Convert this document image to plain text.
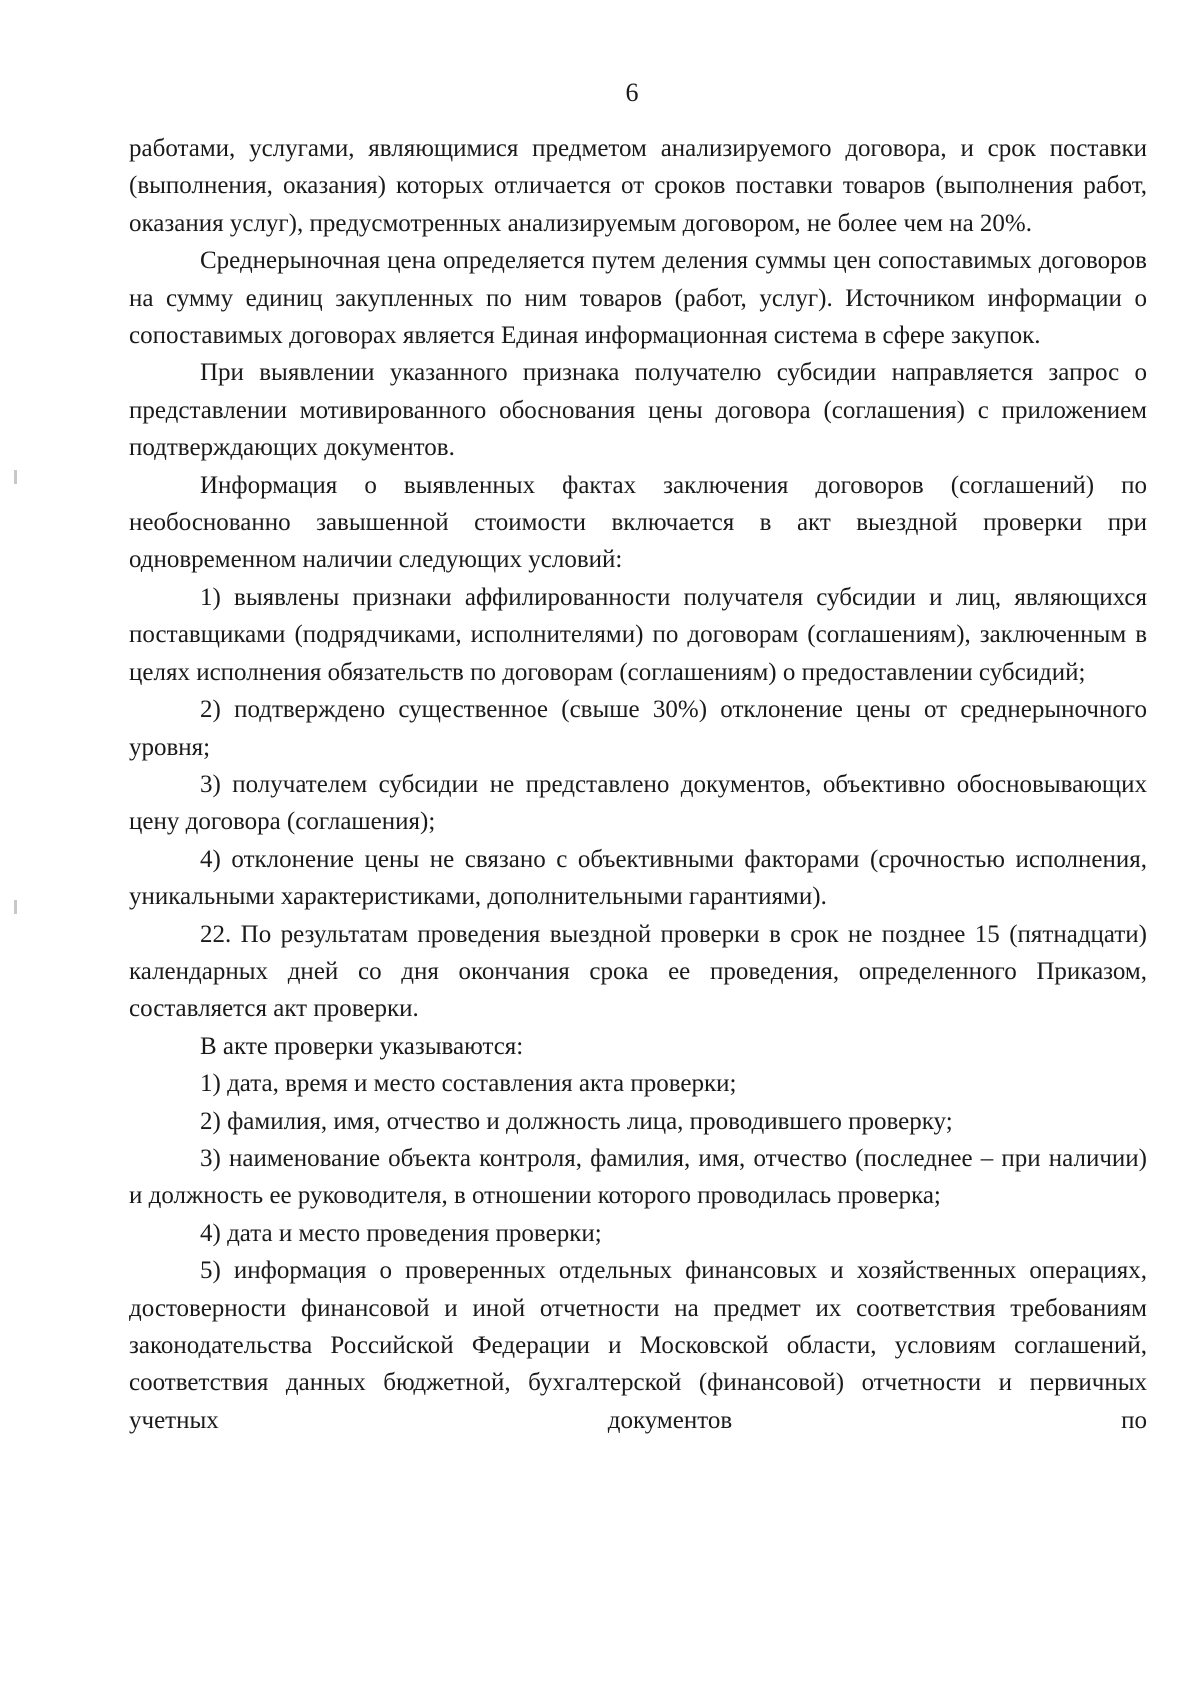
6

работами, услугами, являющимися предметом анализируемого договора, и срок поставки (выполнения, оказания) которых отличается от сроков поставки товаров (выполнения работ, оказания услуг), предусмотренных анализируемым договором, не более чем на 20%.

Среднерыночная цена определяется путем деления суммы цен сопоставимых договоров на сумму единиц закупленных по ним товаров (работ, услуг). Источником информации о сопоставимых договорах является Единая информационная система в сфере закупок.

При выявлении указанного признака получателю субсидии направляется запрос о представлении мотивированного обоснования цены договора (соглашения) с приложением подтверждающих документов.

Информация о выявленных фактах заключения договоров (соглашений) по необоснованно завышенной стоимости включается в акт выездной проверки при одновременном наличии следующих условий:

1) выявлены признаки аффилированности получателя субсидии и лиц, являющихся поставщиками (подрядчиками, исполнителями) по договорам (соглашениям), заключенным в целях исполнения обязательств по договорам (соглашениям) о предоставлении субсидий;

2) подтверждено существенное (свыше 30%) отклонение цены от среднерыночного уровня;

3) получателем субсидии не представлено документов, объективно обосновывающих цену договора (соглашения);

4) отклонение цены не связано с объективными факторами (срочностью исполнения, уникальными характеристиками, дополнительными гарантиями).

22. По результатам проведения выездной проверки в срок не позднее 15 (пятнадцати) календарных дней со дня окончания срока ее проведения, определенного Приказом, составляется акт проверки.

В акте проверки указываются:

1) дата, время и место составления акта проверки;

2) фамилия, имя, отчество и должность лица, проводившего проверку;

3) наименование объекта контроля, фамилия, имя, отчество (последнее – при наличии) и должность ее руководителя, в отношении которого проводилась проверка;

4) дата и место проведения проверки;

5) информация о проверенных отдельных финансовых и хозяйственных операциях, достоверности финансовой и иной отчетности на предмет их соответствия требованиям законодательства Российской Федерации и Московской области, условиям соглашений, соответствия данных бюджетной, бухгалтерской (финансовой) отчетности и первичных учетных документов по
